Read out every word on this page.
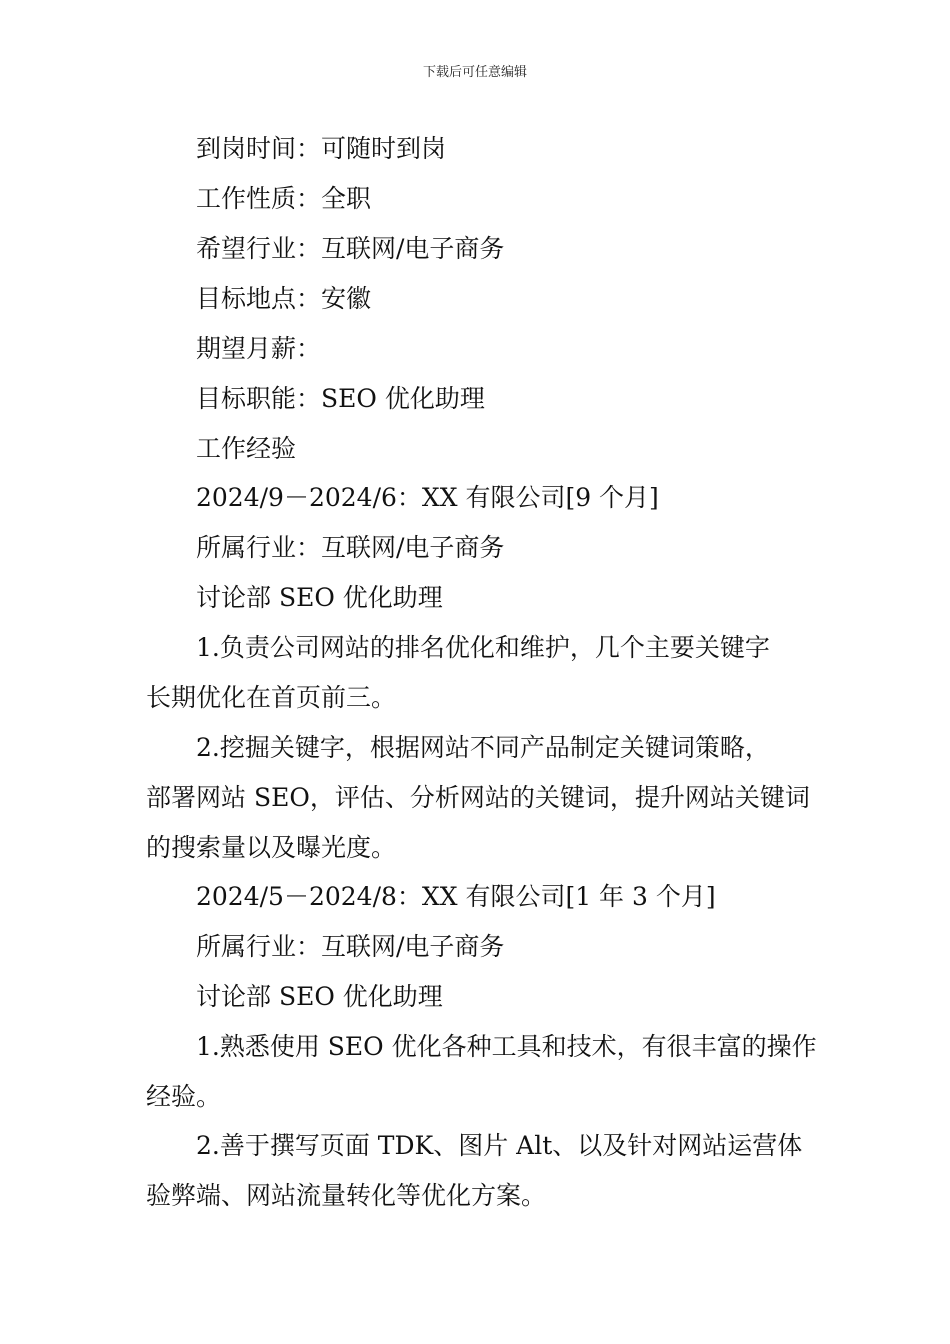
下载后可任意编辑
到岗时间：可随时到岗
工作性质：全职
希望行业：互联网/电子商务
目标地点：安徽
期望月薪：
目标职能：SEO 优化助理
工作经验
2024/9－2024/6：XX 有限公司[9 个月]
所属行业：互联网/电子商务
讨论部 SEO 优化助理
1.负责公司网站的排名优化和维护，几个主要关键字
长期优化在首页前三。
2.挖掘关键字，根据网站不同产品制定关键词策略，
部署网站 SEO，评估、分析网站的关键词，提升网站关键词
的搜索量以及曝光度。
2024/5－2024/8：XX 有限公司[1 年 3 个月]
所属行业：互联网/电子商务
讨论部 SEO 优化助理
1.熟悉使用 SEO 优化各种工具和技术，有很丰富的操作
经验。
2.善于撰写页面 TDK、图片 Alt、以及针对网站运营体
验弊端、网站流量转化等优化方案。
